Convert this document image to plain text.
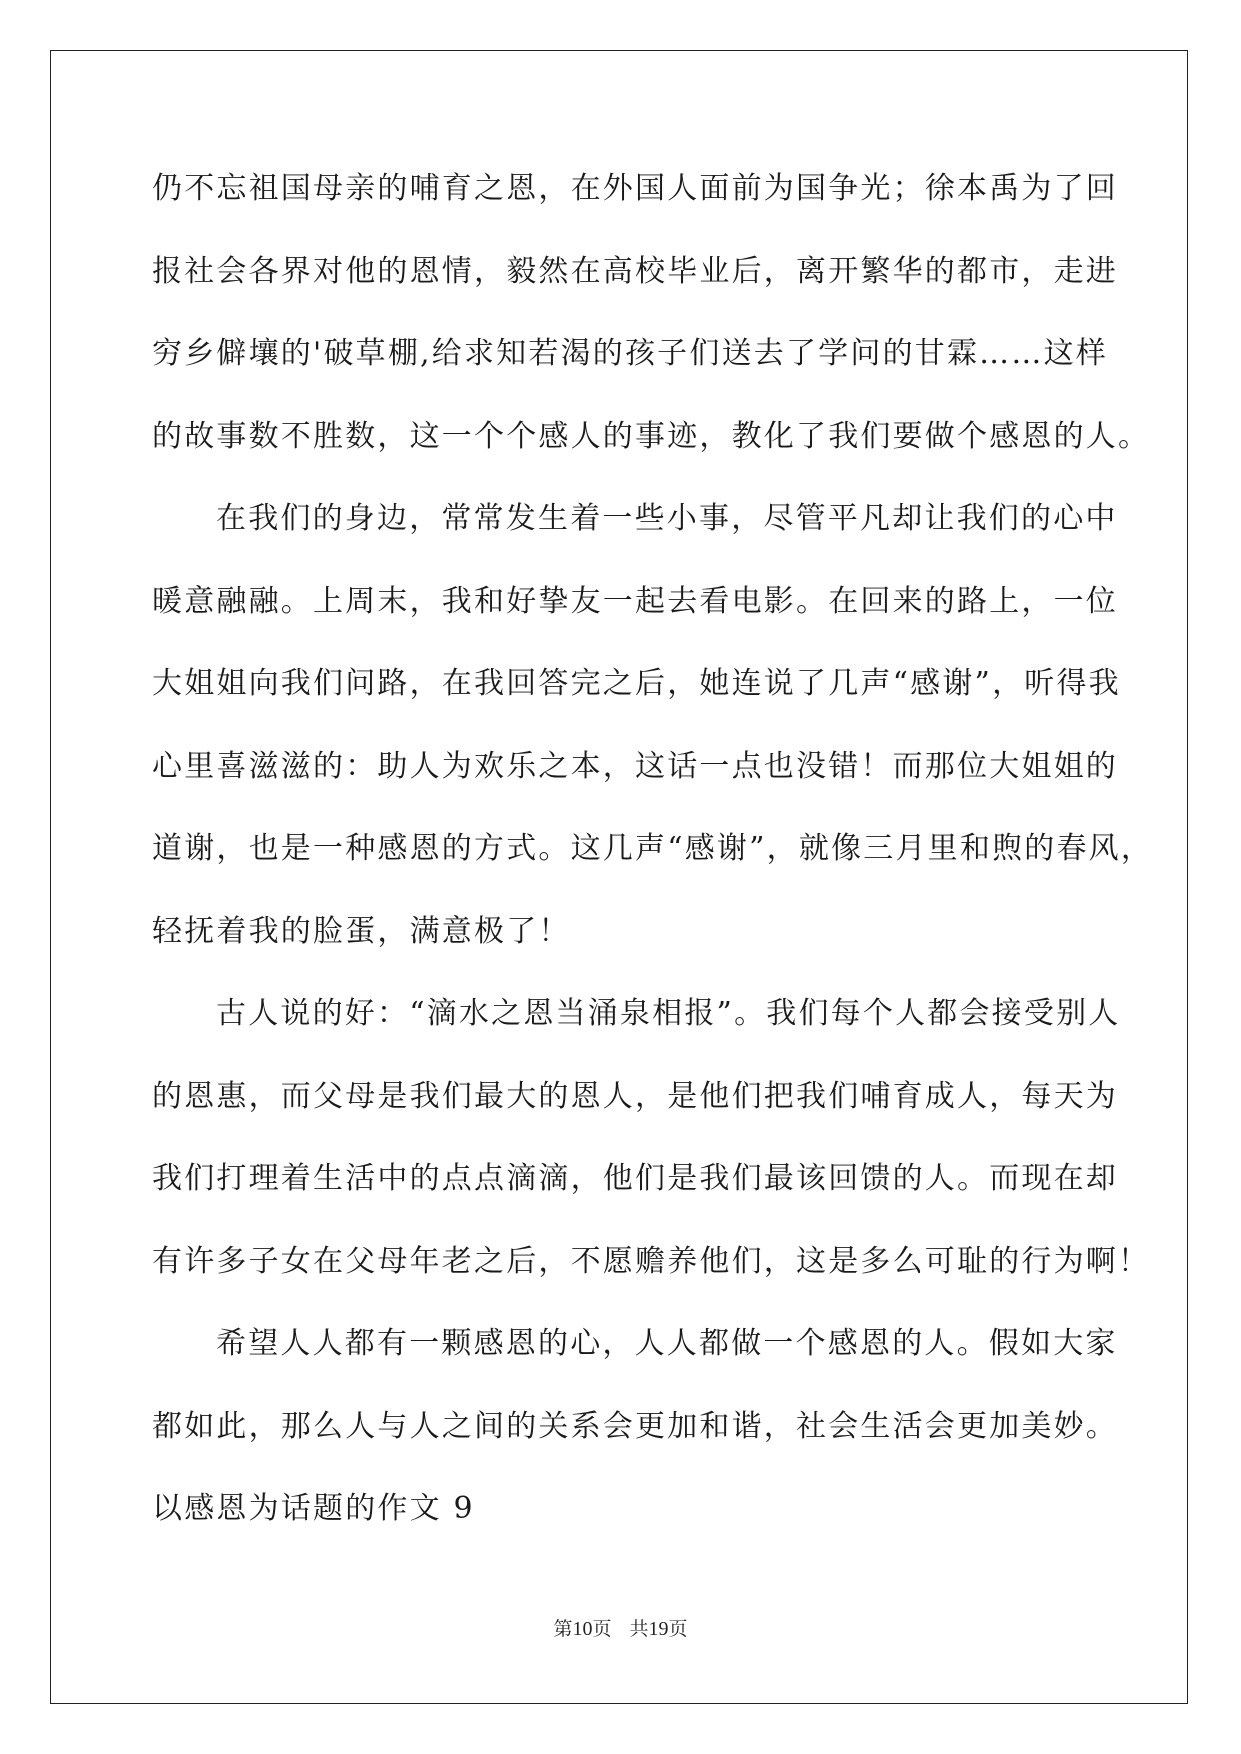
仍不忘祖国母亲的哺育之恩，在外国人面前为国争光；徐本禹为了回
报社会各界对他的恩情，毅然在高校毕业后，离开繁华的都市，走进
穷乡僻壤的'破草棚,给求知若渴的孩子们送去了学问的甘霖……这样
的故事数不胜数，这一个个感人的事迹，教化了我们要做个感恩的人。
在我们的身边，常常发生着一些小事，尽管平凡却让我们的心中
暖意融融。上周末，我和好挚友一起去看电影。在回来的路上，一位
大姐姐向我们问路，在我回答完之后，她连说了几声“感谢”，听得我
心里喜滋滋的：助人为欢乐之本，这话一点也没错！而那位大姐姐的
道谢，也是一种感恩的方式。这几声“感谢”，就像三月里和煦的春风，
轻抚着我的脸蛋，满意极了！
古人说的好：“滴水之恩当涌泉相报”。我们每个人都会接受别人
的恩惠，而父母是我们最大的恩人，是他们把我们哺育成人，每天为
我们打理着生活中的点点滴滴，他们是我们最该回馈的人。而现在却
有许多子女在父母年老之后，不愿赡养他们，这是多么可耻的行为啊！
希望人人都有一颗感恩的心，人人都做一个感恩的人。假如大家
都如此，那么人与人之间的关系会更加和谐，社会生活会更加美妙。
以感恩为话题的作文 9
第10页 共19页
